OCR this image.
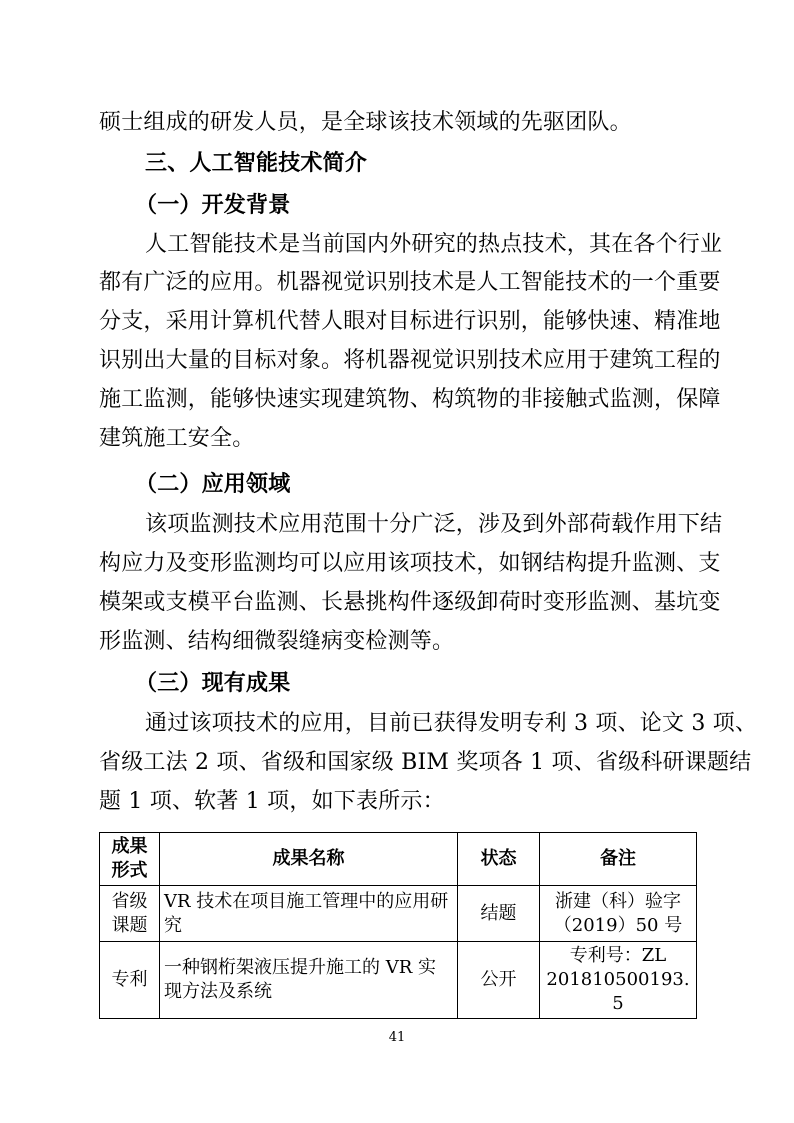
硕士组成的研发人员，是全球该技术领域的先驱团队。
三、人工智能技术简介
（一）开发背景
人工智能技术是当前国内外研究的热点技术，其在各个行业
都有广泛的应用。机器视觉识别技术是人工智能技术的一个重要
分支，采用计算机代替人眼对目标进行识别，能够快速、精准地
识别出大量的目标对象。将机器视觉识别技术应用于建筑工程的
施工监测，能够快速实现建筑物、构筑物的非接触式监测，保障
建筑施工安全。
（二）应用领域
该项监测技术应用范围十分广泛，涉及到外部荷载作用下结
构应力及变形监测均可以应用该项技术，如钢结构提升监测、支
模架或支模平台监测、长悬挑构件逐级卸荷时变形监测、基坑变
形监测、结构细微裂缝病变检测等。
（三）现有成果
通过该项技术的应用，目前已获得发明专利 3 项、论文 3 项、
省级工法 2 项、省级和国家级 BIM 奖项各 1 项、省级科研课题结
题 1 项、软著 1 项，如下表所示：
成果形式	成果名称	状态	备注
省级课题	VR 技术在项目施工管理中的应用研究	结题	浙建（科）验字（2019）50 号
专利	一种钢桁架液压提升施工的 VR 实现方法及系统	公开	专利号：ZL 201810500193. 5
41
